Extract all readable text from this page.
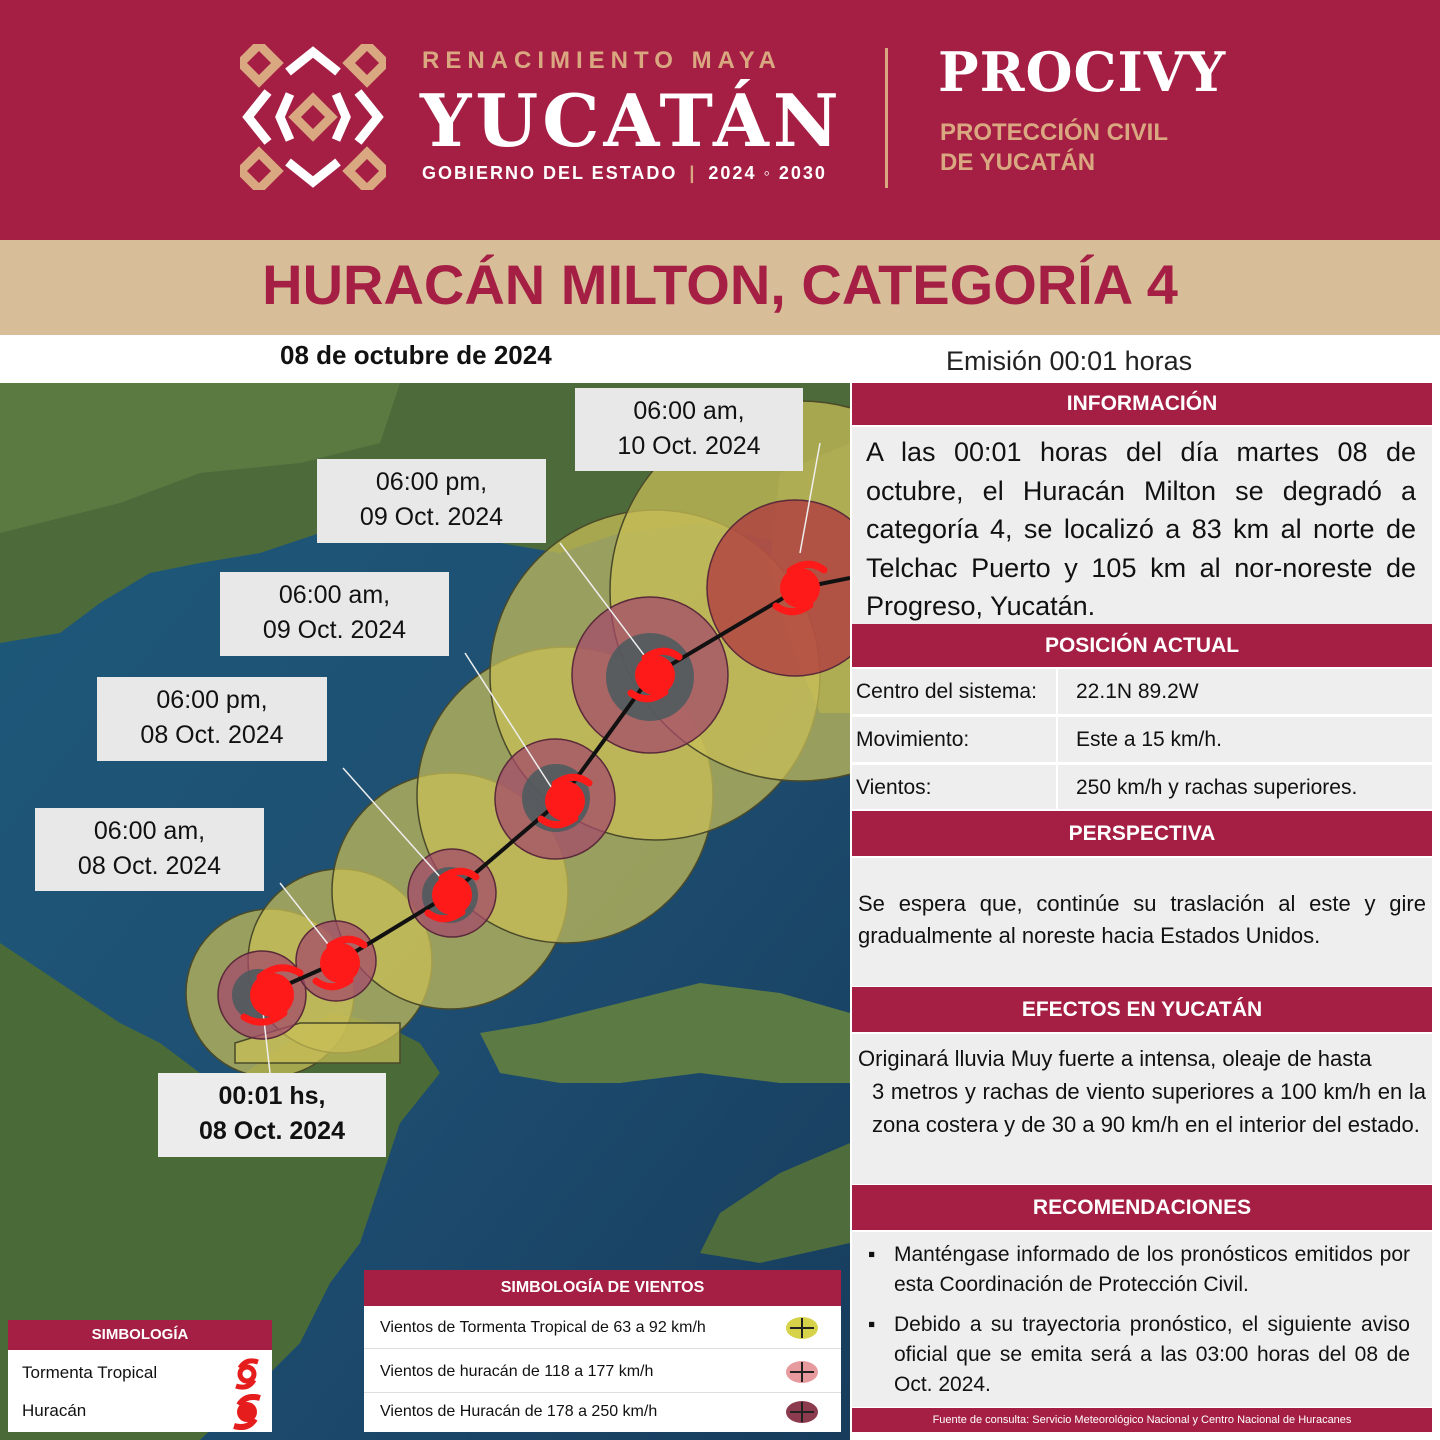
RENACIMIENTO MAYA
YUCATÁN
GOBIERNO DEL ESTADO | 2024 ◦ 2030
PROCIVY
PROTECCIÓN CIVIL
DE YUCATÁN
HURACÁN MILTON, CATEGORÍA 4
08 de octubre de 2024	Emisión 00:01 horas
06:00 am,
10 Oct. 2024
06:00 pm,
09 Oct. 2024
06:00 am,
09 Oct. 2024
06:00 pm,
08 Oct. 2024
06:00 am,
08 Oct. 2024
00:01 hs,
08 Oct. 2024
SIMBOLOGÍA
Tormenta Tropical
Huracán
SIMBOLOGÍA DE VIENTOS
Vientos de Tormenta Tropical de 63 a 92 km/h
Vientos de huracán de 118 a 177 km/h
Vientos de Huracán de 178 a 250 km/h
INFORMACIÓN
A las 00:01 horas del día martes 08 de octubre, el Huracán Milton se degradó a categoría 4, se localizó a 83 km al norte de Telchac Puerto y 105 km al nor-noreste de Progreso, Yucatán.
POSICIÓN ACTUAL
Centro del sistema: 22.1N 89.2W
Movimiento:	Este a 15 km/h.
Vientos:	250 km/h y rachas superiores.
PERSPECTIVA
Se espera que, continúe su traslación al este y gire gradualmente al noreste hacia Estados Unidos.
EFECTOS EN YUCATÁN
Originará lluvia Muy fuerte a intensa, oleaje de hasta
3 metros y rachas de viento superiores a 100 km/h en la zona costera y de 30 a 90 km/h en el interior del estado.
RECOMENDACIONES
▪ Manténgase informado de los pronósticos emitidos por esta Coordinación de Protección Civil.
▪ Debido a su trayectoria pronóstico, el siguiente aviso oficial que se emita será a las 03:00 horas del 08 de Oct. 2024.
Fuente de consulta: Servicio Meteorológico Nacional y Centro Nacional de Huracanes
